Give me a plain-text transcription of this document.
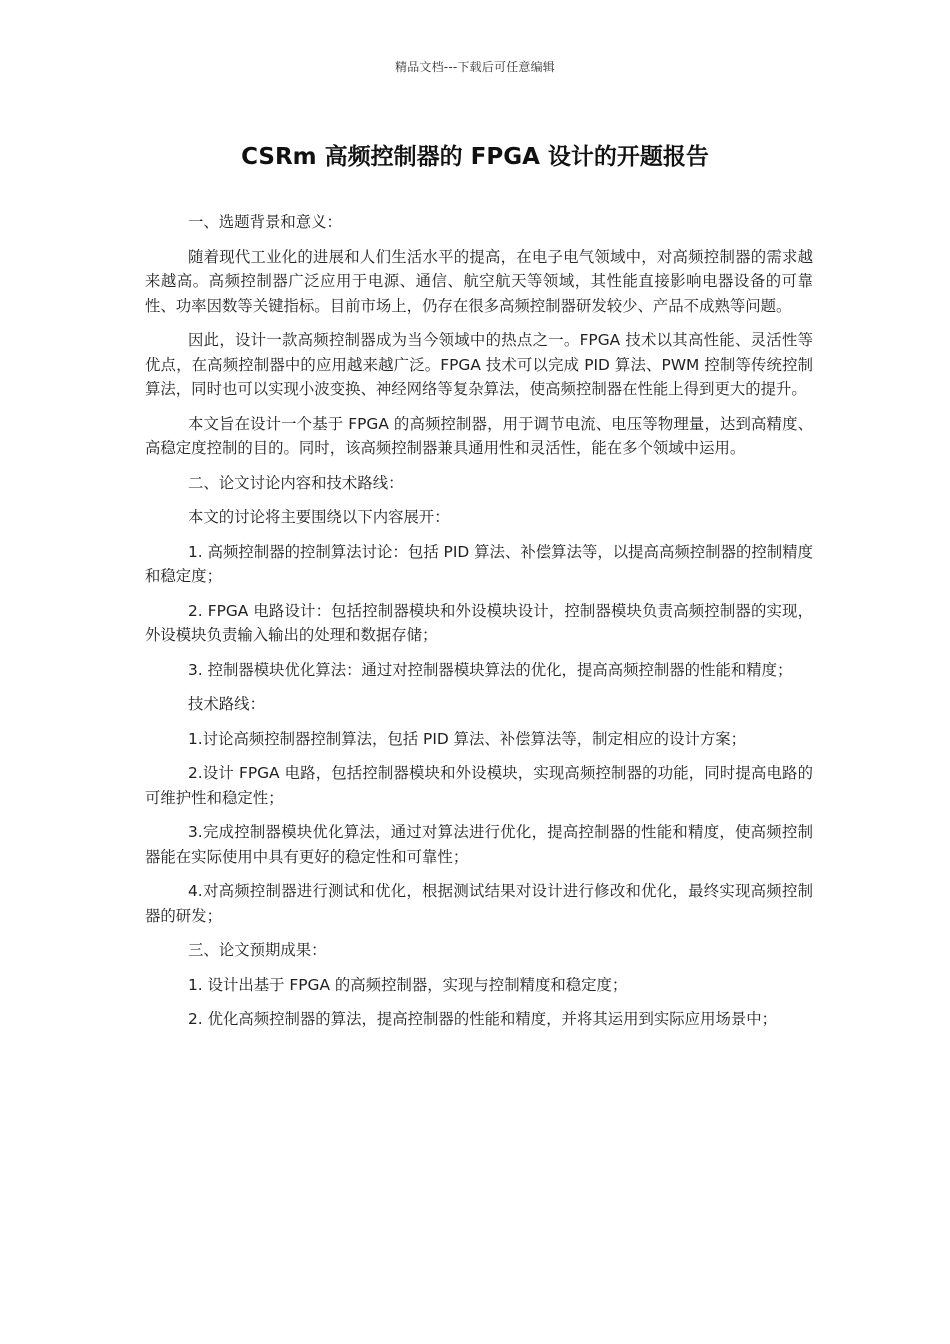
精品文档---下载后可任意编辑
CSRm 高频控制器的 FPGA 设计的开题报告

一、选题背景和意义：

随着现代工业化的进展和人们生活水平的提高，在电子电气领域中，对高频控制器的需求越来越高。高频控制器广泛应用于电源、通信、航空航天等领域，其性能直接影响电器设备的可靠性、功率因数等关键指标。目前市场上，仍存在很多高频控制器研发较少、产品不成熟等问题。

因此，设计一款高频控制器成为当今领域中的热点之一。FPGA 技术以其高性能、灵活性等优点，在高频控制器中的应用越来越广泛。FPGA 技术可以完成 PID 算法、PWM 控制等传统控制算法，同时也可以实现小波变换、神经网络等复杂算法，使高频控制器在性能上得到更大的提升。

本文旨在设计一个基于 FPGA 的高频控制器，用于调节电流、电压等物理量，达到高精度、高稳定度控制的目的。同时，该高频控制器兼具通用性和灵活性，能在多个领域中运用。

二、论文讨论内容和技术路线：

本文的讨论将主要围绕以下内容展开：

1. 高频控制器的控制算法讨论：包括 PID 算法、补偿算法等，以提高高频控制器的控制精度和稳定度；

2. FPGA 电路设计：包括控制器模块和外设模块设计，控制器模块负责高频控制器的实现，外设模块负责输入输出的处理和数据存储；

3. 控制器模块优化算法：通过对控制器模块算法的优化，提高高频控制器的性能和精度；

技术路线：

1.讨论高频控制器控制算法，包括 PID 算法、补偿算法等，制定相应的设计方案；

2.设计 FPGA 电路，包括控制器模块和外设模块，实现高频控制器的功能，同时提高电路的可维护性和稳定性；

3.完成控制器模块优化算法，通过对算法进行优化，提高控制器的性能和精度，使高频控制器能在实际使用中具有更好的稳定性和可靠性；

4.对高频控制器进行测试和优化，根据测试结果对设计进行修改和优化，最终实现高频控制器的研发；

三、论文预期成果：

1. 设计出基于 FPGA 的高频控制器，实现与控制精度和稳定度；

2. 优化高频控制器的算法，提高控制器的性能和精度，并将其运用到实际应用场景中；
